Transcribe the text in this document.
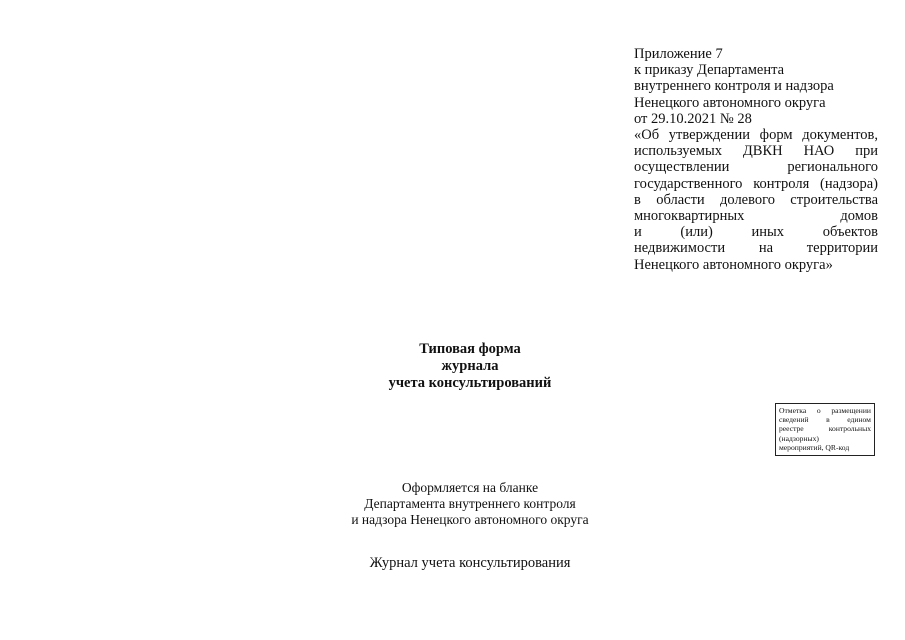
Приложение 7
к приказу Департамента
внутреннего контроля и надзора
Ненецкого автономного округа
от 29.10.2021 № 28
«Об утверждении форм документов,
используемых ДВКН НАО при
осуществлении регионального
государственного контроля (надзора)
в области долевого строительства
многоквартирных домов
и (или) иных объектов
недвижимости на территории
Ненецкого автономного округа»
Типовая форма
журнала
учета консультирований
Отметка о размещении
сведений в едином
реестре контрольных
(надзорных)
мероприятий, QR-код
Оформляется на бланке
Департамента внутреннего контроля
и надзора Ненецкого автономного округа
Журнал учета консультирования
